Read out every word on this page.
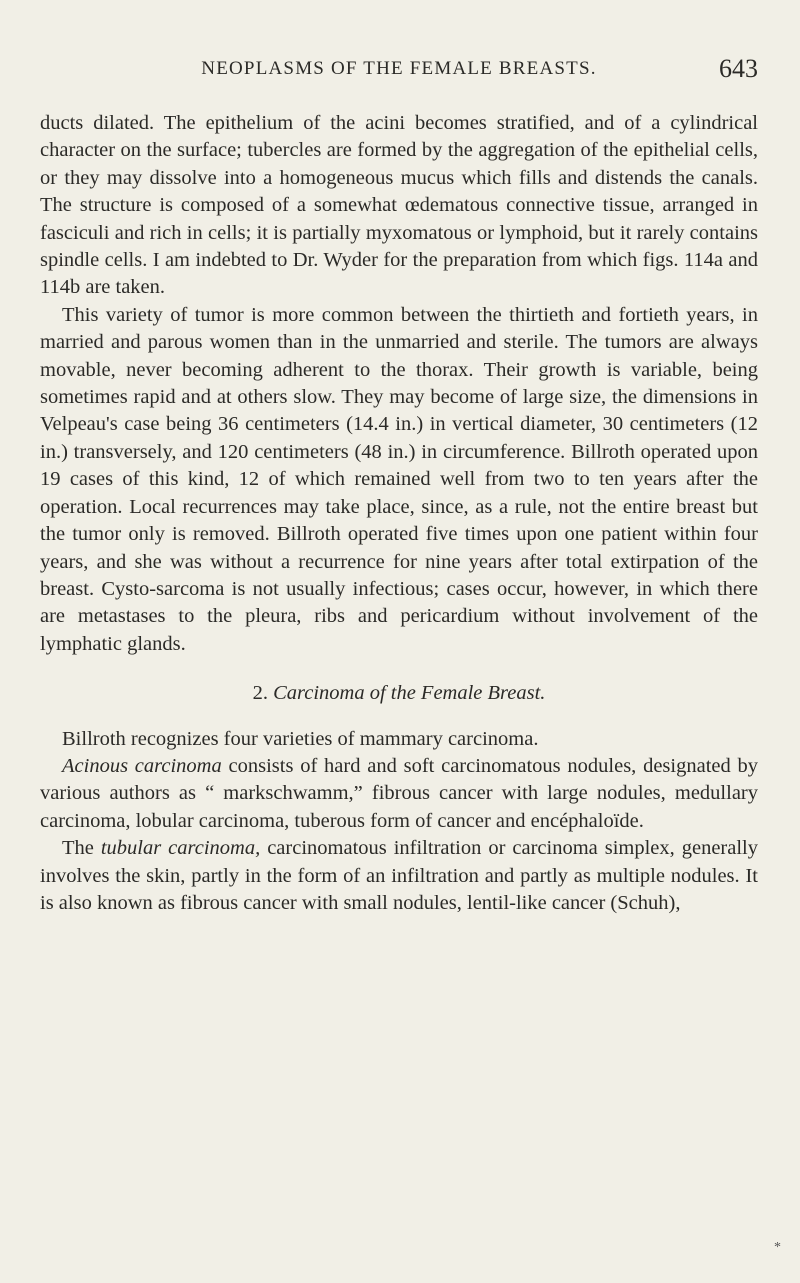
NEOPLASMS OF THE FEMALE BREASTS.	643

ducts dilated. The epithelium of the acini becomes stratified, and of a cylindrical character on the surface; tubercles are formed by the aggregation of the epithelial cells, or they may dissolve into a homogeneous mucus which fills and distends the canals. The structure is composed of a somewhat œdematous connective tissue, arranged in fasciculi and rich in cells; it is partially myxomatous or lymphoid, but it rarely contains spindle cells. I am indebted to Dr. Wyder for the preparation from which figs. 114a and 114b are taken.

This variety of tumor is more common between the thirtieth and fortieth years, in married and parous women than in the unmarried and sterile. The tumors are always movable, never becoming adherent to the thorax. Their growth is variable, being sometimes rapid and at others slow. They may become of large size, the dimensions in Velpeau's case being 36 centimeters (14.4 in.) in vertical diameter, 30 centimeters (12 in.) transversely, and 120 centimeters (48 in.) in circumference. Billroth operated upon 19 cases of this kind, 12 of which remained well from two to ten years after the operation. Local recurrences may take place, since, as a rule, not the entire breast but the tumor only is removed. Billroth operated five times upon one patient within four years, and she was without a recurrence for nine years after total extirpation of the breast. Cysto-sarcoma is not usually infectious; cases occur, however, in which there are metastases to the pleura, ribs and pericardium without involvement of the lymphatic glands.

2. Carcinoma of the Female Breast.

Billroth recognizes four varieties of mammary carcinoma.

Acinous carcinoma consists of hard and soft carcinomatous nodules, designated by various authors as “ markschwamm,” fibrous cancer with large nodules, medullary carcinoma, lobular carcinoma, tuberous form of cancer and encéphaloïde.

The tubular carcinoma, carcinomatous infiltration or carcinoma simplex, generally involves the skin, partly in the form of an infiltration and partly as multiple nodules. It is also known as fibrous cancer with small nodules, lentil-like cancer (Schuh),

*
